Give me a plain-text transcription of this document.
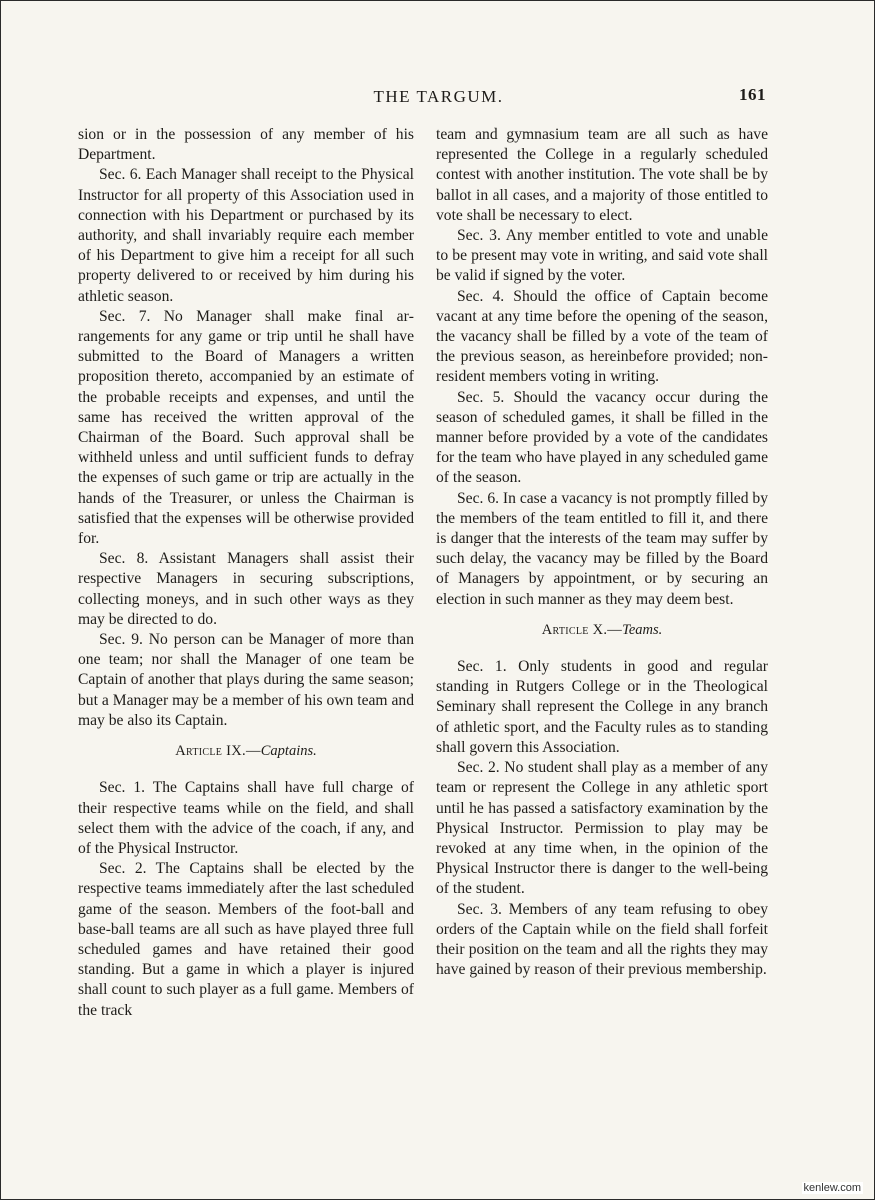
THE TARGUM.	161

sion or in the possession of any member of his Department.

Sec. 6. Each Manager shall receipt to the Physical Instructor for all property of this Association used in connection with his Department or purchased by its authority, and shall invariably require each member of his Department to give him a receipt for all such property delivered to or received by him during his athletic season.

Sec. 7. No Manager shall make final arrangements for any game or trip until he shall have submitted to the Board of Managers a written proposition thereto, accompanied by an estimate of the probable receipts and expenses, and until the same has received the written approval of the Chairman of the Board. Such approval shall be withheld unless and until sufficient funds to defray the expenses of such game or trip are actually in the hands of the Treasurer, or unless the Chairman is satisfied that the expenses will be otherwise provided for.

Sec. 8. Assistant Managers shall assist their respective Managers in securing subscriptions, collecting moneys, and in such other ways as they may be directed to do.

Sec. 9. No person can be Manager of more than one team; nor shall the Manager of one team be Captain of another that plays during the same season; but a Manager may be a member of his own team and may be also its Captain.

Article IX.—Captains.

Sec. 1. The Captains shall have full charge of their respective teams while on the field, and shall select them with the advice of the coach, if any, and of the Physical Instructor.

Sec. 2. The Captains shall be elected by the respective teams immediately after the last scheduled game of the season. Members of the foot-ball and base-ball teams are all such as have played three full scheduled games and have retained their good standing. But a game in which a player is injured shall count to such player as a full game. Members of the track

team and gymnasium team are all such as have represented the College in a regularly scheduled contest with another institution. The vote shall be by ballot in all cases, and a majority of those entitled to vote shall be necessary to elect.

Sec. 3. Any member entitled to vote and unable to be present may vote in writing, and said vote shall be valid if signed by the voter.

Sec. 4. Should the office of Captain become vacant at any time before the opening of the season, the vacancy shall be filled by a vote of the team of the previous season, as hereinbefore provided; non-resident members voting in writing.

Sec. 5. Should the vacancy occur during the season of scheduled games, it shall be filled in the manner before provided by a vote of the candidates for the team who have played in any scheduled game of the season.

Sec. 6. In case a vacancy is not promptly filled by the members of the team entitled to fill it, and there is danger that the interests of the team may suffer by such delay, the vacancy may be filled by the Board of Managers by appointment, or by securing an election in such manner as they may deem best.

Article X.—Teams.

Sec. 1. Only students in good and regular standing in Rutgers College or in the Theological Seminary shall represent the College in any branch of athletic sport, and the Faculty rules as to standing shall govern this Association.

Sec. 2. No student shall play as a member of any team or represent the College in any athletic sport until he has passed a satisfactory examination by the Physical Instructor. Permission to play may be revoked at any time when, in the opinion of the Physical Instructor there is danger to the well-being of the student.

Sec. 3. Members of any team refusing to obey orders of the Captain while on the field shall forfeit their position on the team and all the rights they may have gained by reason of their previous membership.

kenlew.com
